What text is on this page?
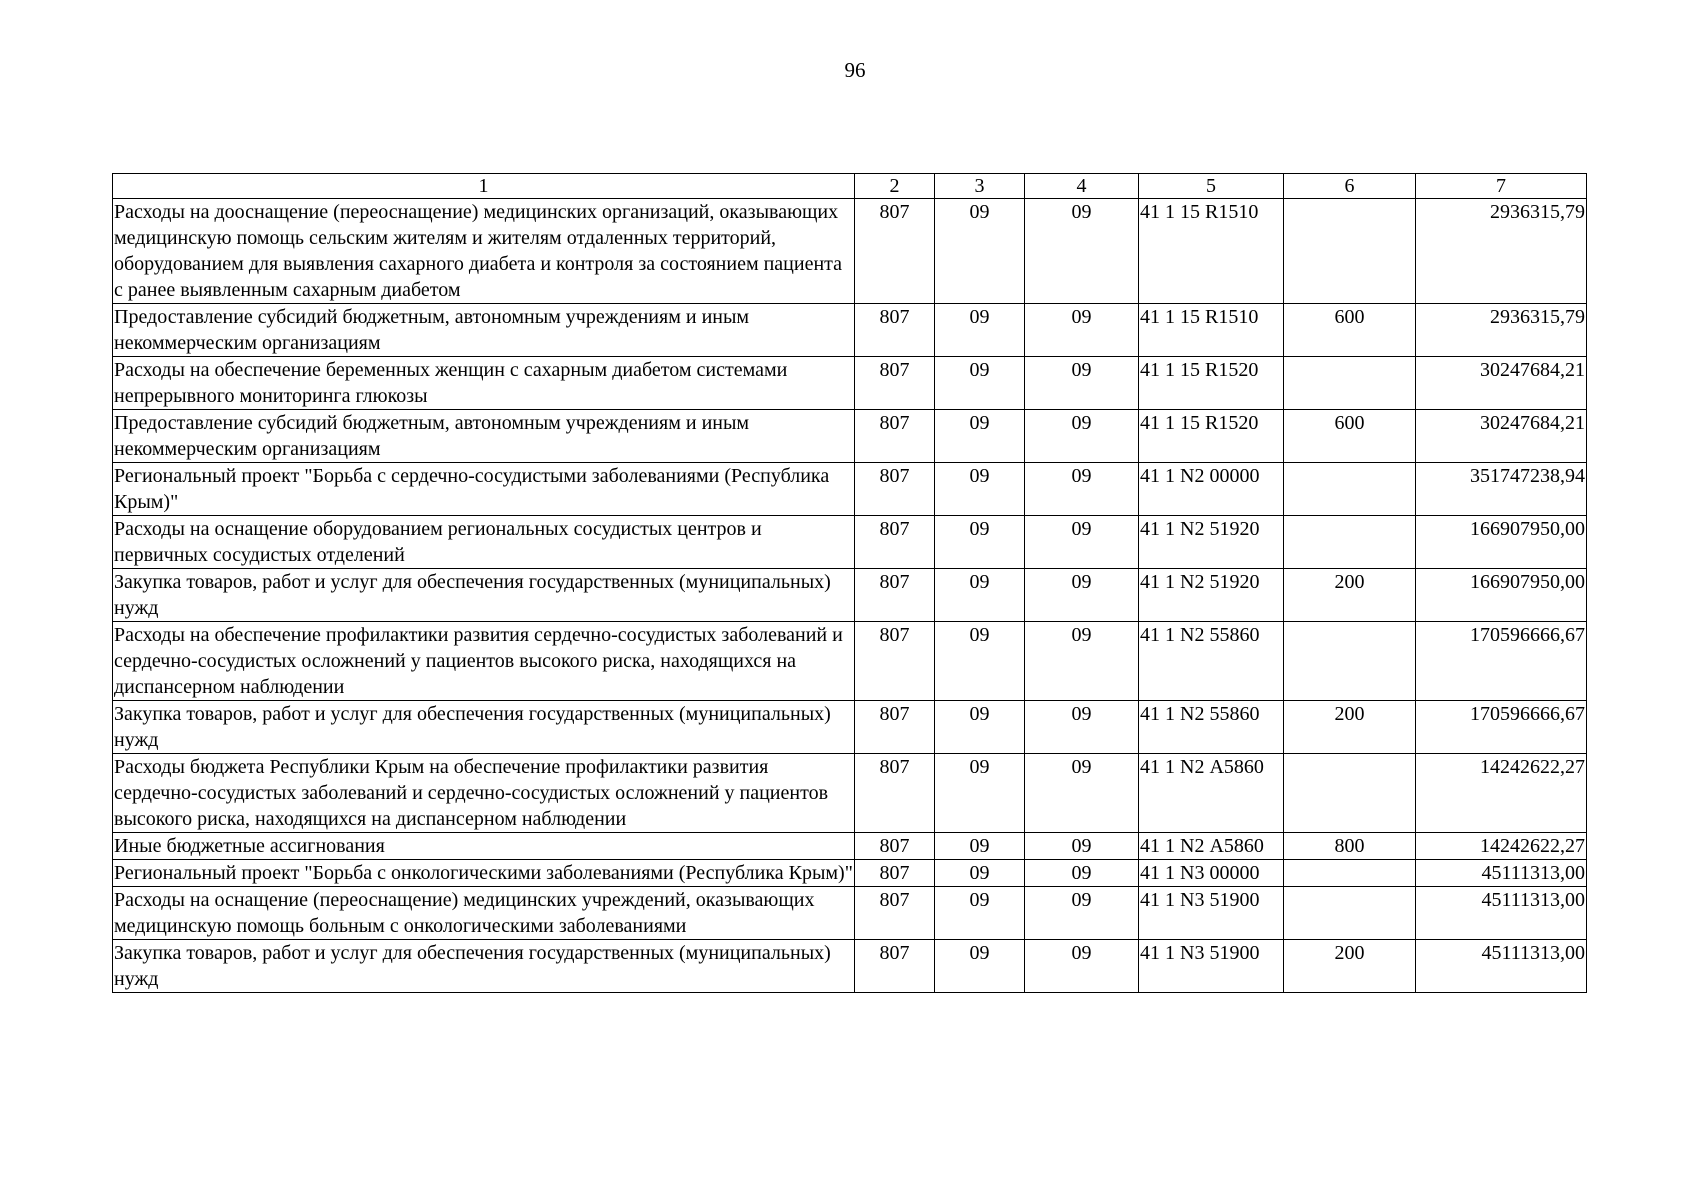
96
1	2	3	4	5	6	7
Расходы на дооснащение (переоснащение) медицинских организаций, оказывающих медицинскую помощь сельским жителям и жителям отдаленных территорий, оборудованием для выявления сахарного диабета и контроля за состоянием пациента с ранее выявленным сахарным диабетом	807	09	09	41 1 15 R1510		2936315,79
Предоставление субсидий бюджетным, автономным учреждениям и иным некоммерческим организациям	807	09	09	41 1 15 R1510	600	2936315,79
Расходы на обеспечение беременных женщин с сахарным диабетом системами непрерывного мониторинга глюкозы	807	09	09	41 1 15 R1520		30247684,21
Предоставление субсидий бюджетным, автономным учреждениям и иным некоммерческим организациям	807	09	09	41 1 15 R1520	600	30247684,21
Региональный проект "Борьба с сердечно-сосудистыми заболеваниями (Республика Крым)"	807	09	09	41 1 N2 00000		351747238,94
Расходы на оснащение оборудованием региональных сосудистых центров и первичных сосудистых отделений	807	09	09	41 1 N2 51920		166907950,00
Закупка товаров, работ и услуг для обеспечения государственных (муниципальных) нужд	807	09	09	41 1 N2 51920	200	166907950,00
Расходы на обеспечение профилактики развития сердечно-сосудистых заболеваний и сердечно-сосудистых осложнений у пациентов высокого риска, находящихся на диспансерном наблюдении	807	09	09	41 1 N2 55860		170596666,67
Закупка товаров, работ и услуг для обеспечения государственных (муниципальных) нужд	807	09	09	41 1 N2 55860	200	170596666,67
Расходы бюджета Республики Крым на обеспечение профилактики развития сердечно-сосудистых заболеваний и сердечно-сосудистых осложнений у пациентов высокого риска, находящихся на диспансерном наблюдении	807	09	09	41 1 N2 А5860		14242622,27
Иные бюджетные ассигнования	807	09	09	41 1 N2 А5860	800	14242622,27
Региональный проект "Борьба с онкологическими заболеваниями (Республика Крым)"	807	09	09	41 1 N3 00000		45111313,00
Расходы на оснащение (переоснащение) медицинских учреждений, оказывающих медицинскую помощь больным с онкологическими заболеваниями	807	09	09	41 1 N3 51900		45111313,00
Закупка товаров, работ и услуг для обеспечения государственных (муниципальных) нужд	807	09	09	41 1 N3 51900	200	45111313,00
